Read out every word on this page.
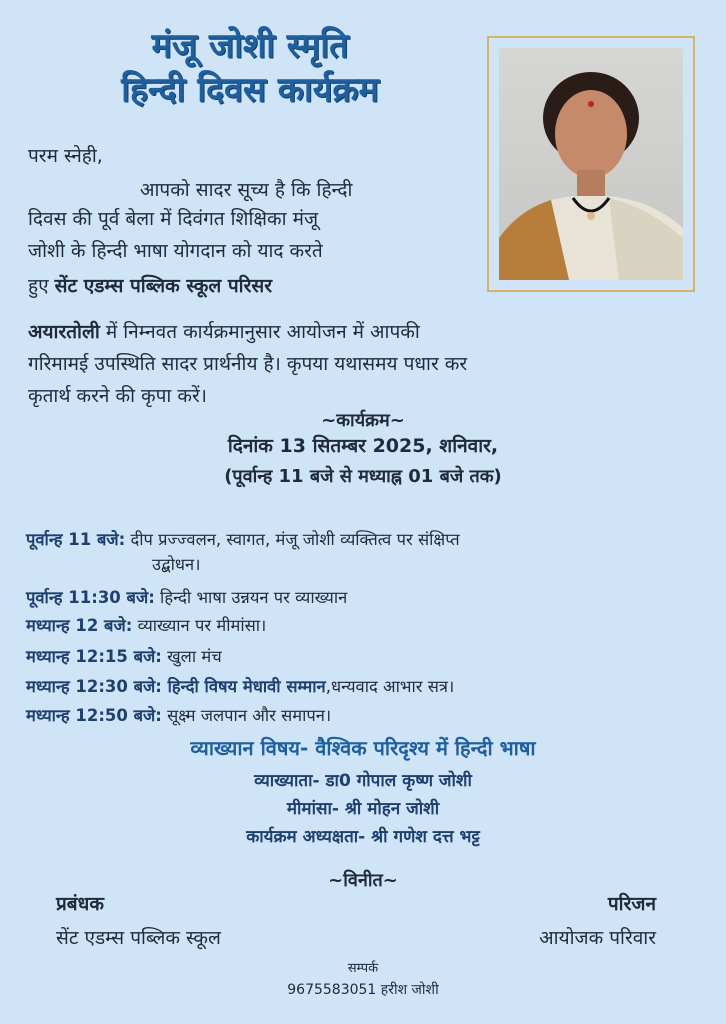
मंजू जोशी स्मृति
हिन्दी दिवस कार्यक्रम
परम स्नेही,
आपको सादर सूच्य है कि हिन्दी
दिवस की पूर्व बेला में दिवंगत शिक्षिका मंजू
जोशी के हिन्दी भाषा योगदान को याद करते
हुए सेंट एडम्स पब्लिक स्कूल परिसर
अयारतोली में निम्नवत कार्यक्रमानुसार आयोजन में आपकी
गरिमामई उपस्थिति सादर प्रार्थनीय है। कृपया यथासमय पधार कर
कृतार्थ करने की कृपा करें।
~कार्यक्रम~
दिनांक 13 सितम्बर 2025, शनिवार,
(पूर्वान्ह 11 बजे से मध्याह्न 01 बजे तक)
पूर्वान्ह 11 बजे: दीप प्रज्ज्वलन, स्वागत, मंजू जोशी व्यक्तित्व पर संक्षिप्त
उद्बोधन।
पूर्वान्ह 11:30 बजे: हिन्दी भाषा उन्नयन पर व्याख्यान
मध्यान्ह 12 बजे: व्याख्यान पर मीमांसा।
मध्यान्ह 12:15 बजे: खुला मंच
मध्यान्ह 12:30 बजे: हिन्दी विषय मेधावी सम्मान,धन्यवाद आभार सत्र।
मध्यान्ह 12:50 बजे: सूक्ष्म जलपान और समापन।
व्याख्यान विषय- वैश्विक परिदृश्य में हिन्दी भाषा
व्याख्याता- डा0 गोपाल कृष्ण जोशी
मीमांसा- श्री मोहन जोशी
कार्यक्रम अध्यक्षता- श्री गणेश दत्त भट्ट
~विनीत~
प्रबंधक
सेंट एडम्स पब्लिक स्कूल
परिजन
आयोजक परिवार
सम्पर्क
9675583051 हरीश जोशी
